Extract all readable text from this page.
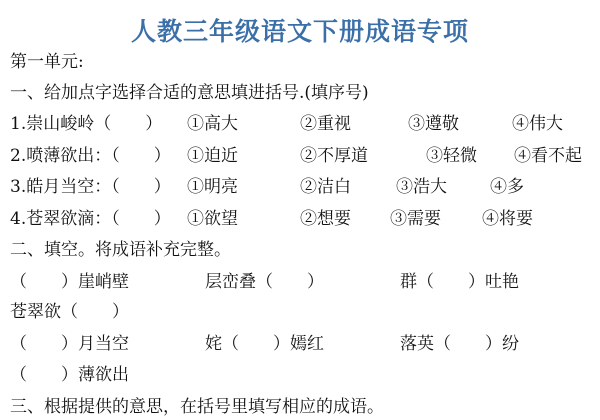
人教三年级语文下册成语专项
第一单元:
一、给加点字选择合适的意思填进括号.(填序号)
1.崇山峻岭（　　） ①高大	②重视	③遵敬	④伟大
2.喷薄欲出：（　　） ①迫近	②不厚道	③轻微 ④看不起
3.皓月当空：（　　） ①明亮	②洁白	③浩大	④多
4.苍翠欲滴：（　　） ①欲望	②想要 ③需要 ④将要
二、填空。将成语补充完整。
（　　）崖峭壁	层峦叠（　　）	群（　　）吐艳
苍翠欲（　　）
（　　）月当空	姹（　　）嫣红	落英（　　）纷
（　　）薄欲出
三、根据提供的意思，在括号里填写相应的成语。
